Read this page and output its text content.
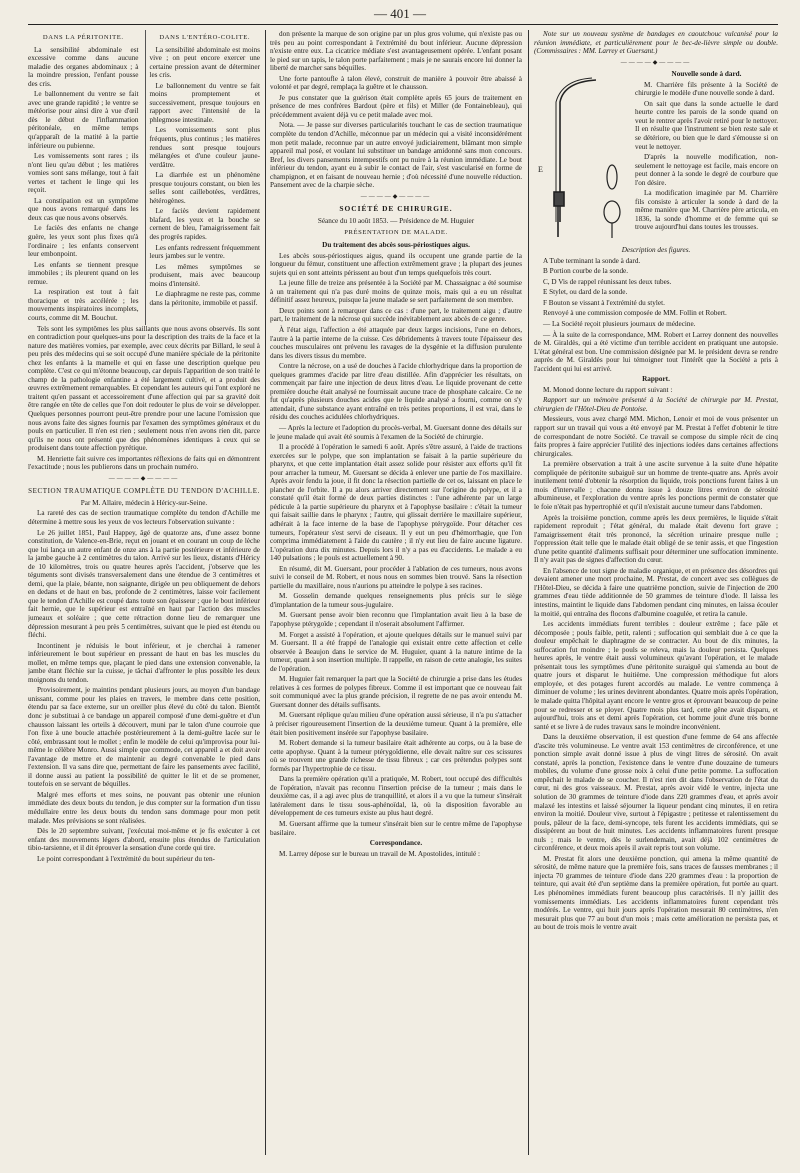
— 401 —

DANS LA PÉRITONITE.

La sensibilité abdominale est excessive comme dans aucune maladie des organes abdominaux ; à la moindre pression, l'enfant pousse des cris.

Le ballonnement du ventre se fait avec une grande rapidité ; le ventre se météorise pour ainsi dire à vue d'œil dès le début de l'inflammation péritonéale, en même temps qu'apparaît de la matité à la partie inférieure ou pubienne.

Les vomissements sont rares ; ils n'ont lieu qu'au début ; les matières vomies sont sans mélange, tout à fait vertes et tachent le linge qui les reçoit.

La constipation est un symptôme que nous avons remarqué dans les deux cas que nous avons observés.

Le faciès des enfants ne change guère, les yeux sont plus fixes qu'à l'ordinaire ; les enfants conservent leur embonpoint.

Les enfants se tiennent presque immobiles ; ils pleurent quand on les remue.

La respiration est tout à fait thoracique et très accélérée ; les mouvements inspiratoires incomplets, courts, comme dit M. Bouchut.

DANS L'ENTÉRO-COLITE.

La sensibilité abdominale est moins vive ; on peut encore exercer une certaine pression avant de déterminer les cris.

Le ballonnement du ventre se fait moins promptement et successivement, presque toujours en rapport avec l'intensité de la phlegmose intestinale.

Les vomissements sont plus fréquents, plus continus ; les matières rendues sont presque toujours mélangées et d'une couleur jaune-verdâtre.

La diarrhée est un phénomène presque toujours constant, ou bien les selles sont caillebotées, verdâtres, hétérogènes.

Le faciès devient rapidement blafard, les yeux et la bouche se cernent de bleu, l'amaigrissement fait des progrès rapides.

Les enfants redressent fréquemment leurs jambes sur le ventre.

Les mêmes symptômes se produisent, mais avec beaucoup moins d'intensité.

Le diaphragme ne reste pas, comme dans la péritonite, immobile et passif.

Tels sont les symptômes les plus saillants que nous avons observés. Ils sont en contradiction pour quelques-uns pour la description des traits de la face et la nature des matières vomies, par exemple, avec ceux décrits par Billard, le seul à peu près des médecins qui se soit occupé d'une manière spéciale de la péritonite chez les enfants à la mamelle et qui en fasse une description quelque peu complète. C'est ce qui m'étonne beaucoup, car depuis l'apparition de son traité le champ de la pathologie enfantine a été largement cultivé, et a produit des œuvres extrêmement remarquables. Et cependant les auteurs qui l'ont exploré ne traitent qu'en passant et accessoirement d'une affection qui par sa gravité doit être rangée en tête de celles que l'on doit redouter le plus de voir se développer. Quelques personnes pourront peut-être prendre pour une lacune l'omission que nous avons faite des signes fournis par l'examen des symptômes généraux et du pouls en particulier. Il n'en est rien ; seulement nous n'en avons rien dit, parce qu'ils ne nous ont présenté que des phénomènes identiques à ceux qui se produisent dans toute affection pyrétique.

M. Henriette fait suivre ces importantes réflexions de faits qui en démontrent l'exactitude ; nous les publierons dans un prochain numéro.

————◆————

SECTION TRAUMATIQUE COMPLÈTE DU TENDON D'ACHILLE.

Par M. Allaire, médecin à Héricy-sur-Seine.

La rareté des cas de section traumatique complète du tendon d'Achille me détermine à mettre sous les yeux de vos lecteurs l'observation suivante :

Le 26 juillet 1851, Paul Happey, âgé de quatorze ans, d'une assez bonne constitution, de Valence-en-Brie, reçut en jouant et en courant un coup de lèche que lui lança un autre enfant de onze ans à la partie postérieure et inférieure de la jambe gauche à 2 centimètres du talon. Arrivé sur les lieux, distants d'Héricy de 10 kilomètres, trois ou quatre heures après l'accident, j'observe que les téguments sont divisés transversalement dans une étendue de 3 centimètres et demi, que la plaie, béante, non saignante, dirigée un peu obliquement de dehors en dedans et de haut en bas, profonde de 2 centimètres, laisse voir facilement que le tendon d'Achille est coupé dans toute son épaisseur ; que le bout inférieur fait hernie, que le supérieur est entraîné en haut par l'action des muscles jumeaux et soléaire ; que cette rétraction donne lieu de remarquer une dépression mesurant à peu près 5 centimètres, suivant que le pied est étendu ou fléchi.

Incontinent je réduisis le bout inférieur, et je cherchai à ramener inférieurement le bout supérieur en pressant de haut en bas les muscles du mollet, en même temps que, plaçant le pied dans une extension convenable, la jambe étant fléchie sur la cuisse, je tâchai d'affronter le plus possible les deux moignons du tendon.

Provisoirement, je maintins pendant plusieurs jours, au moyen d'un bandage unissant, comme pour les plaies en travers, le membre dans cette position, étendu par sa face externe, sur un oreiller plus élevé du côté du talon. Bientôt donc je substituai à ce bandage un appareil composé d'une demi-guêtre et d'un chausson laissant les orteils à découvert, muni par le talon d'une courroie que l'on fixe à une boucle attachée postérieurement à la demi-guêtre lacée sur le côté, embrassant tout le mollet ; enfin le modèle de celui qu'improvisa pour lui-même le célèbre Monro. Aussi simple que commode, cet appareil a et doit avoir l'avantage de mettre et de maintenir au degré convenable le pied dans l'extension. Il va sans dire que, permettant de faire les pansements avec facilité, il donne aussi au patient la possibilité de quitter le lit et de se promener, toutefois en se servant de béquilles.

Malgré mes efforts et mes soins, ne pouvant pas obtenir une réunion immédiate des deux bouts du tendon, je dus compter sur la formation d'un tissu médullaire entre les deux bouts du tendon sans dommage pour mon petit malade. Mes prévisions se sont réalisées.

Dès le 20 septembre suivant, j'exécutai moi-même et je fis exécuter à cet enfant des mouvements légers d'abord, ensuite plus étendus de l'articulation tibio-tarsienne, et il dit éprouver la sensation d'une corde qui tire.

Le point correspondant à l'extrémité du bout supérieur du ten-

don présente la marque de son origine par un plus gros volume, qui n'existe pas ou très peu au point correspondant à l'extrémité du bout inférieur. Aucune dépression n'existe entre eux. La cicatrice médiate s'est avantageusement opérée. L'enfant posant le pied sur un tapis, le talon porte parfaitement ; mais je ne saurais encore lui donner la liberté de marcher sans béquilles.

Une forte pantoufle à talon élevé, construit de manière à pouvoir être abaissé à volonté et par degré, remplaça la guêtre et le chausson.

Je pus constater que la guérison était complète après 65 jours de traitement en présence de mes confrères Bardout (père et fils) et Miller (de Fontainebleau), qui précédemment avaient déjà vu ce petit malade avec moi.

Nota. — Je passe sur diverses particularités touchant le cas de section traumatique complète du tendon d'Achille, méconnue par un médecin qui a visité inconsidérément mon petit malade, reconnue par un autre envoyé judiciairement, blâmant mon simple appareil mal posé, et voulant lui substituer un bandage amidonné sans mon concours. Bref, les divers pansements intempestifs ont pu nuire à la réunion immédiate. Le bout inférieur du tendon, ayant eu à subir le contact de l'air, s'est vascularisé en forme de champignon, et en faisant de nouveau hernie ; d'où nécessité d'une nouvelle réduction. Pansement avec de la charpie sèche.

————◆————

SOCIÉTÉ DE CHIRURGIE.

Séance du 10 août 1853. — Présidence de M. Huguier

PRÉSENTATION DE MALADE.

Du traitement des abcès sous-périostiques aigus.

Les abcès sous-périostiques aigus, quand ils occupent une grande partie de la longueur du fémur, constituent une affection extrêmement grave ; la plupart des jeunes sujets qui en sont atteints périssent au bout d'un temps quelquefois très court.

La jeune fille de treize ans présentée à la Société par M. Chassaignac a été soumise à un traitement qui n'a pas duré moins de quinze mois, mais qui a eu un résultat définitif assez heureux, puisque la jeune malade se sert parfaitement de son membre.

Deux points sont à remarquer dans ce cas : d'une part, le traitement aigu ; d'autre part, le traitement de la nécrose qui succède inévitablement aux abcès de ce genre.

À l'état aigu, l'affection a été attaquée par deux larges incisions, l'une en dehors, l'autre à la partie interne de la cuisse. Ces débridements à travers toute l'épaisseur des couches musculaires ont prévenu les ravages de la dysgénie et la diffusion purulente dans les divers tissus du membre.

Contre la nécrose, on a usé de douches à l'acide chlorhydrique dans la proportion de quelques grammes d'acide par litre d'eau distillée. Afin d'apprécier les résultats, on commençait par faire une injection de deux litres d'eau. Le liquide provenant de cette première douche était analysé ne fournissait aucune trace de phosphate calcaire. Ce ne fut qu'après plusieurs douches acides que le liquide analysé a fourni, comme on s'y attendait, d'une substance ayant entraîné en très petites proportions, il est vrai, dans le résidu des couches acidulées chlorhydriques.

— Après la lecture et l'adoption du procès-verbal, M. Guersant donne des détails sur le jeune malade qui avait été soumis à l'examen de la Société de chirurgie.

Il a procédé à l'opération le samedi 6 août. Après s'être assuré, à l'aide de tractions exercées sur le polype, que son implantation se faisait à la partie supérieure du pharynx, et que cette implantation était assez solide pour résister aux efforts qu'il fit pour arracher la tumeur, M. Guersant se décida à enlever une partie de l'os maxillaire. Après avoir fendu la joue, il fit donc la résection partielle de cet os, laissant en place le plancher de l'orbite. Il a pu alors arriver directement sur l'origine du polype, et il a constaté qu'il était formé de deux parties distinctes : l'une adhérente par un large pédicule à la partie supérieure du pharynx et à l'apophyse basilaire : c'était la tumeur qui faisait saillie dans le pharynx ; l'autre, qui glissait derrière le maxillaire supérieur, adhérait à la face interne de la base de l'apophyse ptérygoïde. Pour détacher ces tumeurs, l'opérateur s'est servi de ciseaux. Il y eut un peu d'hémorrhagie, que l'on comprima immédiatement à l'aide du cautère ; il n'y eut lieu de faire aucune ligature. L'opération dura dix minutes. Depuis lors il n'y a pas eu d'accidents. Le malade a eu 140 pulsations ; le pouls est actuellement à 90.

En résumé, dit M. Guersant, pour procéder à l'ablation de ces tumeurs, nous avons suivi le conseil de M. Robert, et nous nous en sommes bien trouvé. Sans la résection partielle du maxillaire, nous n'aurions pu atteindre le polype à ses racines.

M. Gosselin demande quelques renseignements plus précis sur le siège d'implantation de la tumeur sous-jugulaire.

M. Guersant pense avoir bien reconnu que l'implantation avait lieu à la base de l'apophyse ptérygoïde ; cependant il n'oserait absolument l'affirmer.

M. Forget a assisté à l'opération, et ajoute quelques détails sur le manuel suivi par M. Guersant. Il a été frappé de l'analogie qui existait entre cette affection et celle observée à Beaujon dans le service de M. Huguier, quant à la nature intime de la tumeur, quant à son insertion multiple. Il rappelle, en raison de cette analogie, les suites de l'opération.

M. Huguier fait remarquer la part que la Société de chirurgie a prise dans les études relatives à ces formes de polypes fibreux. Comme il est important que ce nouveau fait soit communiqué avec la plus grande précision, il regrette de ne pas avoir entendu M. Guersant donner des détails suffisants.

M. Guersant réplique qu'au milieu d'une opération aussi sérieuse, il n'a pu s'attacher à préciser rigoureusement l'insertion de la deuxième tumeur. Quant à la première, elle était bien positivement insérée sur l'apophyse basilaire.

M. Robert demande si la tumeur basilaire était adhérente au corps, ou à la base de cette apophyse. Quant à la tumeur ptérygoïdienne, elle devait naître sur ces scissures où se trouvent une grande richesse de tissu fibreux ; car ces prétendus polypes sont formés par l'hypertrophie de ce tissu.

Dans la première opération qu'il a pratiquée, M. Robert, tout occupé des difficultés de l'opération, n'avait pas reconnu l'insertion précise de la tumeur ; mais dans le deuxième cas, il a agi avec plus de tranquillité, et alors il a vu que la tumeur s'insérait latéralement dans le tissu sous-aphénoïdal, là, où la disposition favorable au développement de ces tumeurs existe au plus haut degré.

M. Guersant affirme que la tumeur s'insérait bien sur le centre même de l'apophyse basilaire.

Correspondance.

M. Larrey dépose sur le bureau un travail de M. Apostolides, intitulé :

Note sur un nouveau système de bandages en caoutchouc vulcanisé pour la réunion immédiate, et particulièrement pour le bec-de-lièvre simple ou double. (Commissaires : MM. Larrey et Guersant.)

————◆————
E

Nouvelle sonde à dard.

M. Charrière fils présente à la Société de chirurgie le modèle d'une nouvelle sonde à dard.

On sait que dans la sonde actuelle le dard heurte contre les parois de la sonde quand on veut le rentrer après l'avoir retiré pour le nettoyer. Il en résulte que l'instrument se bien reste sale et se détériore, ou bien que le dard s'émousse si on veut le nettoyer.

D'après la nouvelle modification, non-seulement le nettoyage est facile, mais encore on peut donner à la sonde le degré de courbure que l'on désire.

La modification imaginée par M. Charrière fils consiste à articuler la sonde à dard de la même manière que M. Charrière père articula, en 1836, la sonde d'homme et de femme qui se trouve aujourd'hui dans toutes les trousses.

Description des figures.

A Tube terminant la sonde à dard.

B Portion courbe de la sonde.

C, D Vis de rappel réunissant les deux tubes.

E Stylet, ou dard de la sonde.

F Bouton se vissant à l'extrémité du stylet.

Renvoyé à une commission composée de MM. Follin et Robert.

— La Société reçoit plusieurs journaux de médecine.

— À la suite de la correspondance, MM. Robert et Larrey donnent des nouvelles de M. Giraldès, qui a été victime d'un terrible accident en pratiquant une autopsie. L'état général est bon. Une commission désignée par M. le président devra se rendre auprès de M. Giraldès pour lui témoigner tout l'intérêt que la Société a pris à l'accident qui lui est arrivé.

Rapport.

M. Monod donne lecture du rapport suivant :

Rapport sur un mémoire présenté à la Société de chirurgie par M. Prestat, chirurgien de l'Hôtel-Dieu de Pontoise.

Messieurs, vous avez chargé MM. Michon, Lenoir et moi de vous présenter un rapport sur un travail qui vous a été envoyé par M. Prestat à l'effet d'obtenir le titre de correspondant de notre Société. Ce travail se compose du simple récit de cinq faits propres à faire apprécier l'utilité des injections iodées dans certaines affections chirurgicales.

La première observation a trait à une ascite survenue à la suite d'une hépatite compliquée de péritonite subaiguë sur un homme de trente-quatre ans. Après avoir inutilement tenté d'obtenir la résorption du liquide, trois ponctions furent faites à un mois d'intervalle ; chacune donna issue à douze litres environ de sérosité albumineuse, et l'exploration du ventre après les ponctions permit de constater que le foie n'était pas hypertrophié et qu'il n'existait aucune tumeur dans l'abdomen.

Après la troisième ponction, comme après les deux premières, le liquide s'était rapidement reproduit ; l'état général, du malade était devenu fort grave ; l'amaigrissement était très prononcé, la sécrétion urinaire presque nulle ; l'oppression était telle que le malade était obligé de se tenir assis, et que l'ingestion d'une petite quantité d'aliments suffisait pour déterminer une suffocation imminente. Il n'y avait pas de signes d'affection du cœur.

En l'absence de tout signe de maladie organique, et en présence des désordres qui devaient amener une mort prochaine, M. Prestat, de concert avec ses collègues de l'Hôtel-Dieu, se décida à faire une quatrième ponction, suivie de l'injection de 200 grammes d'eau tiède additionnée de 50 grammes de teinture d'iode. Il laissa les intestins, maintint le liquide dans l'abdomen pendant cinq minutes, en laissa écouler la moitié, qui entraîna des flocons d'albumine coagulée, et retira la canule.

Les accidents immédiats furent terribles : douleur extrême ; face pâle et décomposée ; pouls faible, petit, ralenti ; suffocation qui semblait due à ce que la douleur empêchait le diaphragme de se contracter. Au bout de dix minutes, la suffocation fut moindre ; le pouls se releva, mais la douleur persista. Quelques heures après, le ventre était aussi volumineux qu'avant l'opération, et le malade présentait tous les symptômes d'une péritonite suraiguë qui s'amenda au bout de quatre jours et disparut le huitième. Une compression méthodique fut alors employée, et des potages furent accordés au malade. Le ventre commença à diminuer de volume ; les urines devinrent abondantes. Quatre mois après l'opération, le malade quitta l'hôpital ayant encore le ventre gros et éprouvant beaucoup de peine pour se redresser et se ployer. Quatre mois plus tard, cette gêne avait disparu, et aujourd'hui, trois ans et demi après l'opération, cet homme jouit d'une très bonne santé et se livre à de rudes travaux sans le moindre inconvénient.

Dans la deuxième observation, il est question d'une femme de 64 ans affectée d'ascite très volumineuse. Le ventre avait 153 centimètres de circonférence, et une ponction simple avait donné issue à plus de vingt litres de sérosité. On avait constaté, après la ponction, l'existence dans le ventre d'une douzaine de tumeurs mobiles, du volume d'une grosse noix à celui d'une petite pomme. La suffocation empêchait le malade de se coucher. Il n'est rien dit dans l'observation de l'état du cœur, ni des gros vaisseaux. M. Prestat, après avoir vidé le ventre, injecta une solution de 30 grammes de teinture d'iode dans 220 grammes d'eau, et après avoir malaxé les intestins et laissé séjourner la liqueur pendant cinq minutes, il en retira environ la moitié. Douleur vive, surtout à l'épigastre ; petitesse et ralentissement du pouls, pâleur de la face, demi-syncope, tels furent les accidents immédiats, qui se dissipèrent au bout de huit minutes. Les accidents inflammatoires furent presque nuls ; mais le ventre, dès le surlendemain, avait déjà 102 centimètres de circonférence, et deux mois après il avait repris tout son volume.

M. Prestat fit alors une deuxième ponction, qui amena la même quantité de sérosité, de même nature que la première fois, sans traces de fausses membranes ; il injecta 70 grammes de teinture d'iode dans 220 grammes d'eau : la proportion de teinture, qui avait été d'un septième dans la première opération, fut portée au quart. Les phénomènes immédiats furent beaucoup plus caractérisés. Il n'y jaillit des vomissements immédiats. Les accidents inflammatoires furent cependant très modérés. Le ventre, qui huit jours après l'opération mesurait 80 centimètres, n'en mesurait plus que 77 au bout d'un mois ; mais cette amélioration ne persista pas, et au bout de trois mois le ventre avait
